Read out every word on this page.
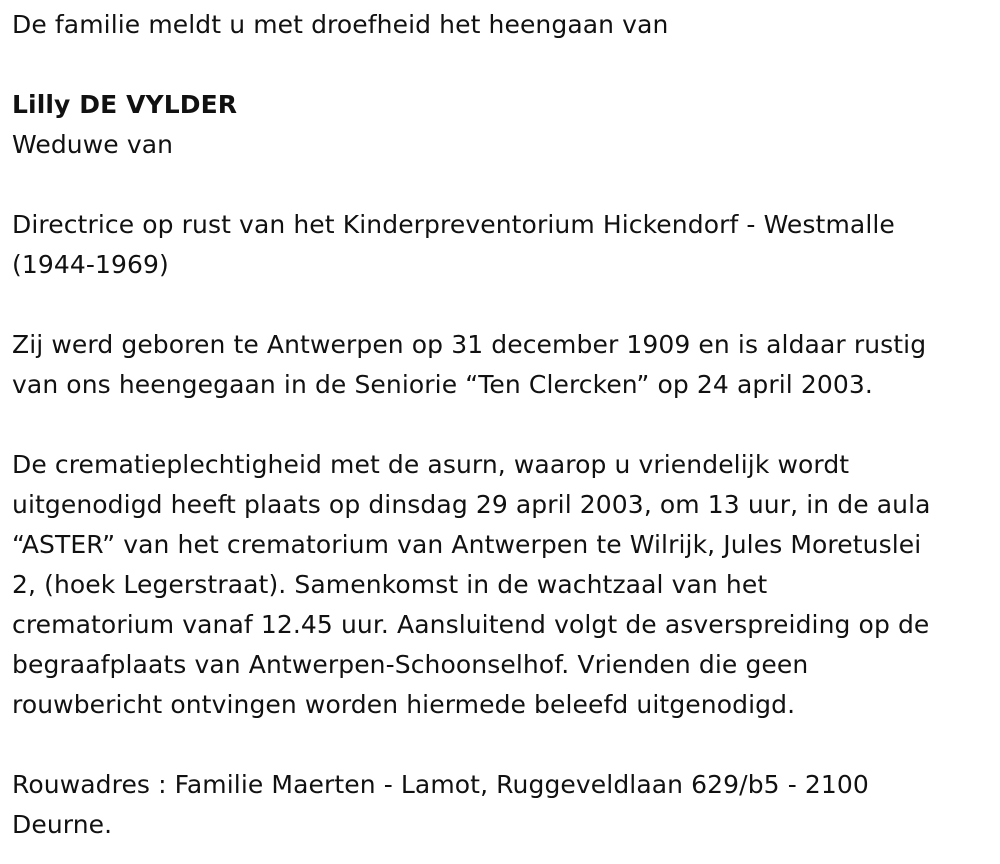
De familie meldt u met droefheid het heengaan van

Lilly DE VYLDER

Weduwe van

Directrice op rust van het Kinderpreventorium Hickendorf - Westmalle

(1944-1969)

Zij werd geboren te Antwerpen op 31 december 1909 en is aldaar rustig

van ons heengegaan in de Seniorie “Ten Clercken” op 24 april 2003.

De crematieplechtigheid met de asurn, waarop u vriendelijk wordt

uitgenodigd heeft plaats op dinsdag 29 april 2003, om 13 uur, in de aula

“ASTER” van het crematorium van Antwerpen te Wilrijk, Jules Moretuslei

2, (hoek Legerstraat). Samenkomst in de wachtzaal van het

crematorium vanaf 12.45 uur. Aansluitend volgt de asverspreiding op de

begraafplaats van Antwerpen-Schoonselhof. Vrienden die geen

rouwbericht ontvingen worden hiermede beleefd uitgenodigd.

Rouwadres : Familie Maerten - Lamot, Ruggeveldlaan 629/b5 - 2100

Deurne.
